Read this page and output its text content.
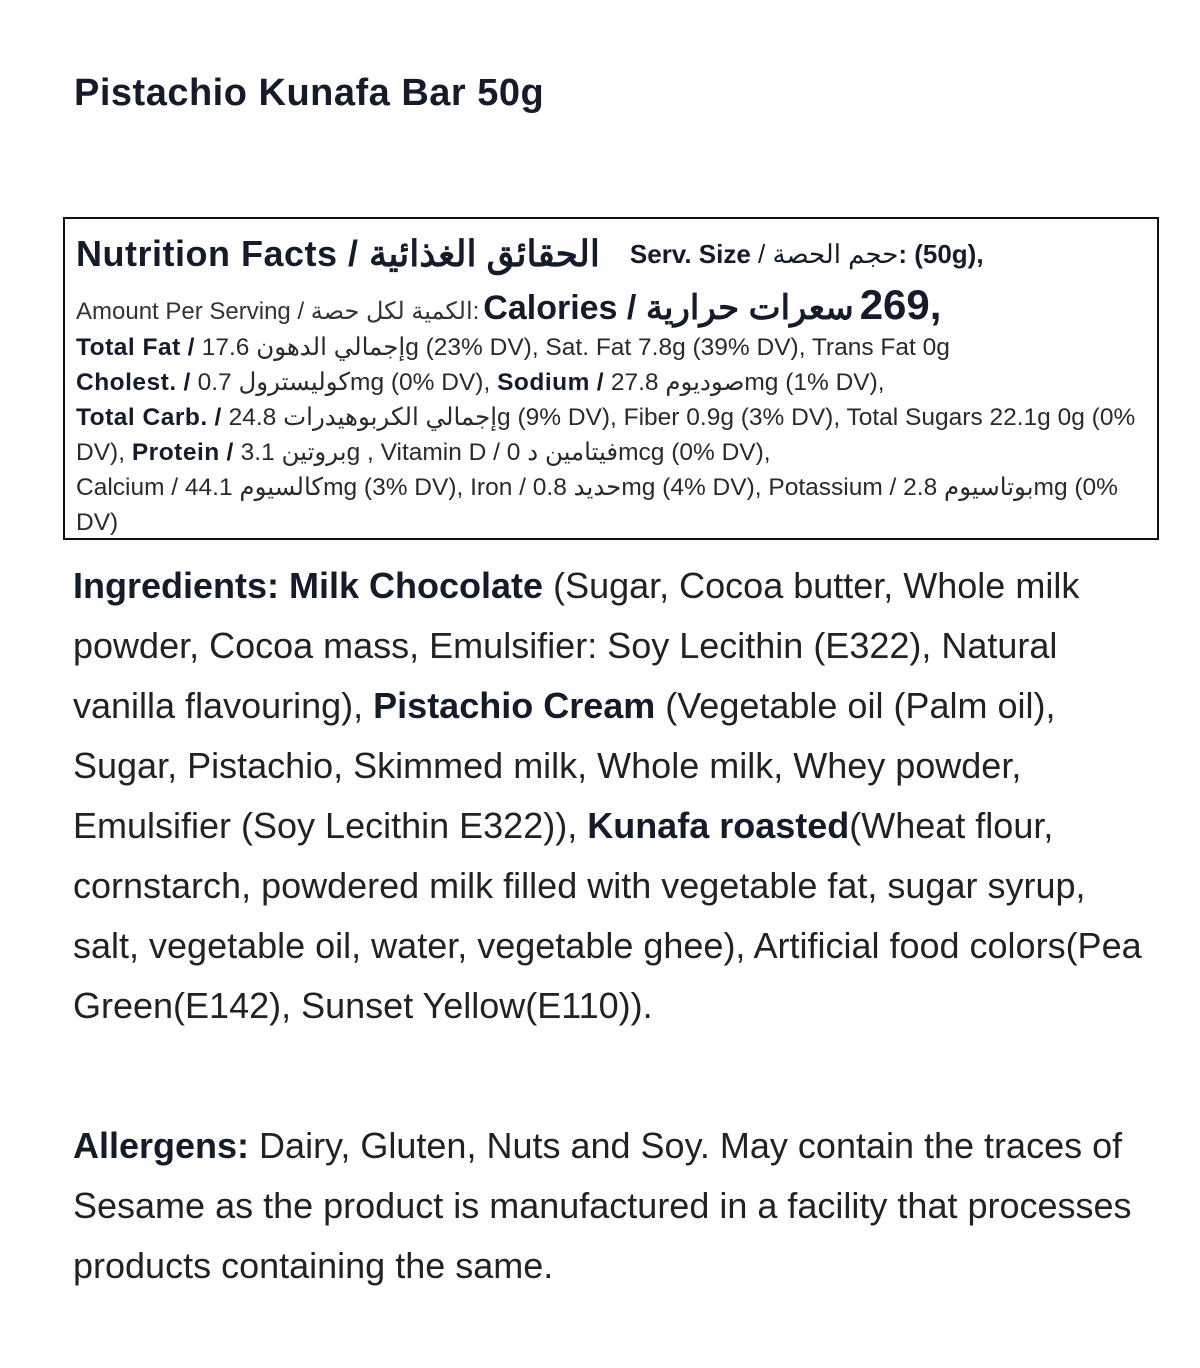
Pistachio Kunafa Bar 50g
Nutrition Facts / الحقائق الغذائية Serv. Size / حجم الحصة: (50g),
Amount Per Serving / الكمية لكل حصة: Calories / سعرات حرارية 269,
Total Fat /	إجمالي الدهون 17.6g (23% DV), Sat. Fat 7.8g (39% DV), Trans Fat 0g
Cholest. / كوليسترول 0.7mg (0% DV), Sodium /	صوديوم 27.8mg (1% DV),
Total Carb. /	إجمالي الكربوهيدرات 24.8g (9% DV), Fiber 0.9g (3% DV), Total Sugars 22.1g 0g (0% DV), Protein / بروتين 3.1g , Vitamin D / فيتامين د 0mcg (0% DV),
Calcium /	كالسيوم 44.1mg (3% DV), Iron / حديد 0.8mg (4% DV), Potassium / بوتاسيوم 2.8mg (0% DV)

Ingredients: Milk Chocolate (Sugar, Cocoa butter, Whole milk powder, Cocoa mass, Emulsifier: Soy Lecithin (E322), Natural vanilla flavouring), Pistachio Cream (Vegetable oil (Palm oil), Sugar, Pistachio, Skimmed milk, Whole milk, Whey powder, Emulsifier (Soy Lecithin E322)), Kunafa roasted(Wheat flour, cornstarch, powdered milk filled with vegetable fat, sugar syrup, salt, vegetable oil, water, vegetable ghee), Artificial food colors(Pea Green(E142), Sunset Yellow(E110)).

Allergens: Dairy, Gluten, Nuts and Soy. May contain the traces of Sesame as the product is manufactured in a facility that processes products containing the same.
